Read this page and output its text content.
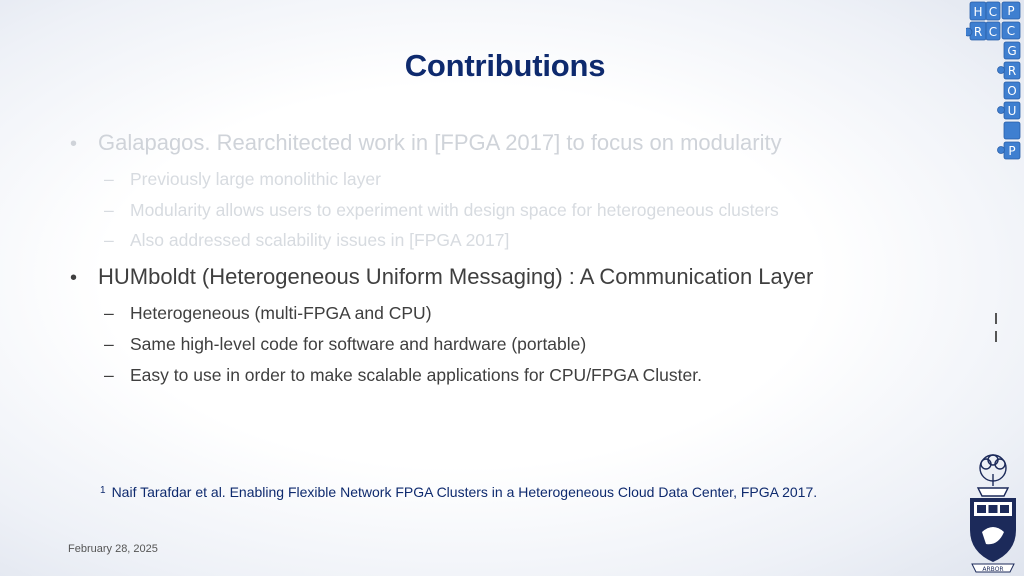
Contributions
• Galapagos. Rearchitected work in [FPGA 2017] to focus on modularity
– Previously large monolithic layer
– Modularity allows users to experiment with design space for heterogeneous clusters
– Also addressed scalability issues in [FPGA 2017]
• HUMboldt (Heterogeneous Uniform Messaging) : A Communication Layer
– Heterogeneous (multi-FPGA and CPU)
– Same high-level code for software and hardware (portable)
– Easy to use in order to make scalable applications for CPU/FPGA Cluster.
$^1$ Naif Tarafdar et al. Enabling Flexible Network FPGA Clusters in a Heterogeneous Cloud Data Center, FPGA 2017.
February 28, 2025
H
R
C
C
P
C
G
R
O
U
P
ARBOR
